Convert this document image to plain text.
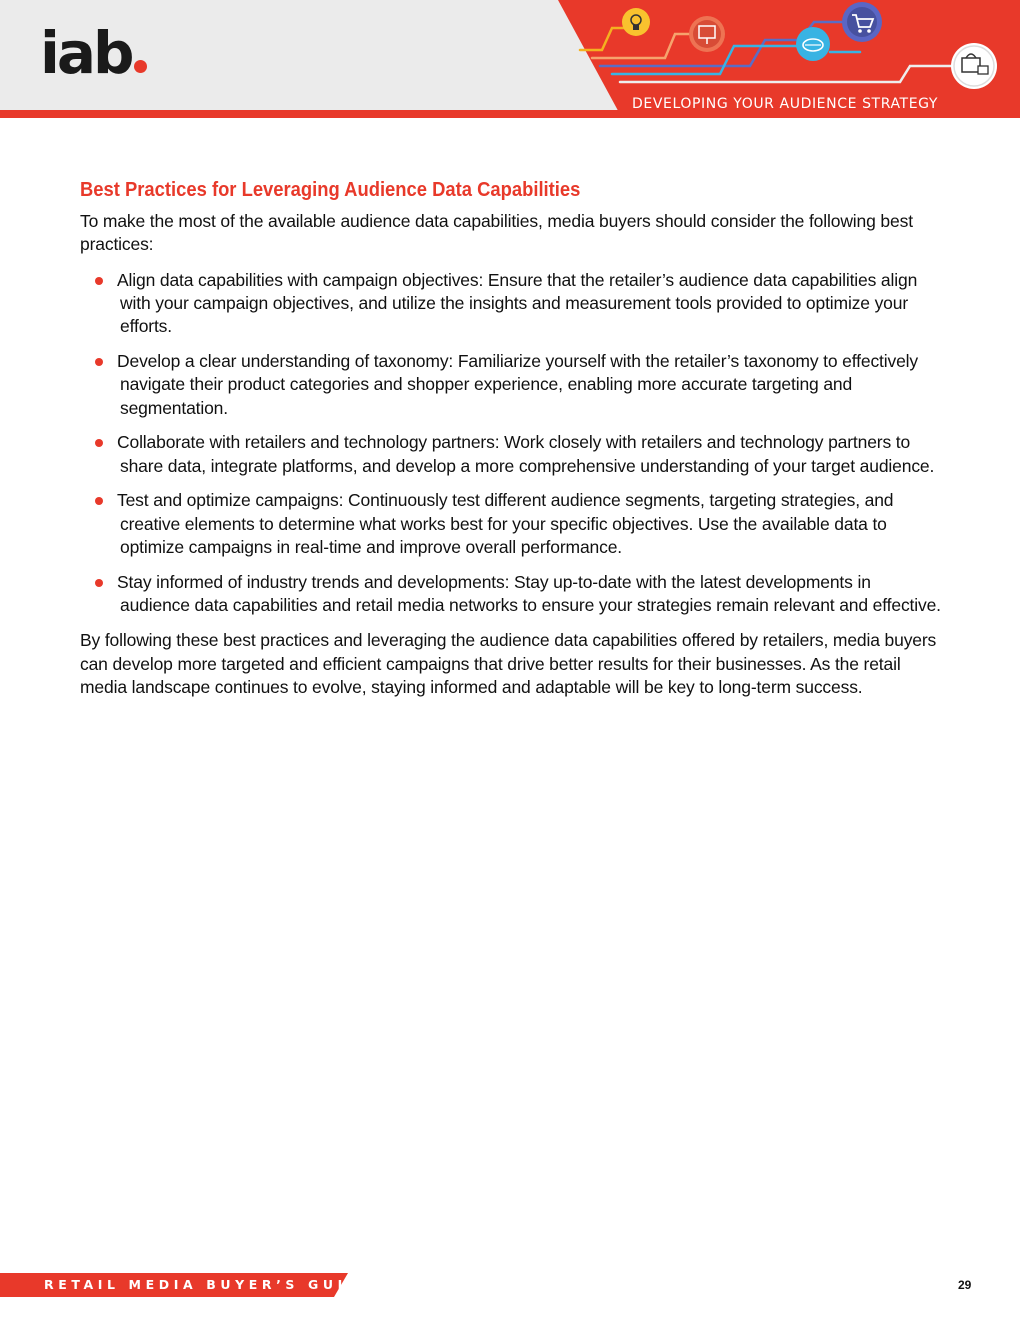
iab
DEVELOPING YOUR AUDIENCE STRATEGY
Best Practices for Leveraging Audience Data Capabilities

To make the most of the available audience data capabilities, media buyers should consider the following best practices:

Align data capabilities with campaign objectives: Ensure that the retailer’s audience data capabilities align with your campaign objectives, and utilize the insights and measurement tools provided to optimize your efforts.
Develop a clear understanding of taxonomy: Familiarize yourself with the retailer’s taxonomy to effectively navigate their product categories and shopper experience, enabling more accurate targeting and segmentation.
Collaborate with retailers and technology partners: Work closely with retailers and technology partners to share data, integrate platforms, and develop a more comprehensive understanding of your target audience.
Test and optimize campaigns: Continuously test different audience segments, targeting strategies, and creative elements to determine what works best for your specific objectives. Use the available data to optimize campaigns in real-time and improve overall performance.
Stay informed of industry trends and developments: Stay up-to-date with the latest developments in audience data capabilities and retail media networks to ensure your strategies remain relevant and effective.

By following these best practices and leveraging the audience data capabilities offered by retailers, media buyers can develop more targeted and efficient campaigns that drive better results for their businesses. As the retail media landscape continues to evolve, staying informed and adaptable will be key to long-term success.

RETAIL MEDIA BUYER’S GUIDE	29
